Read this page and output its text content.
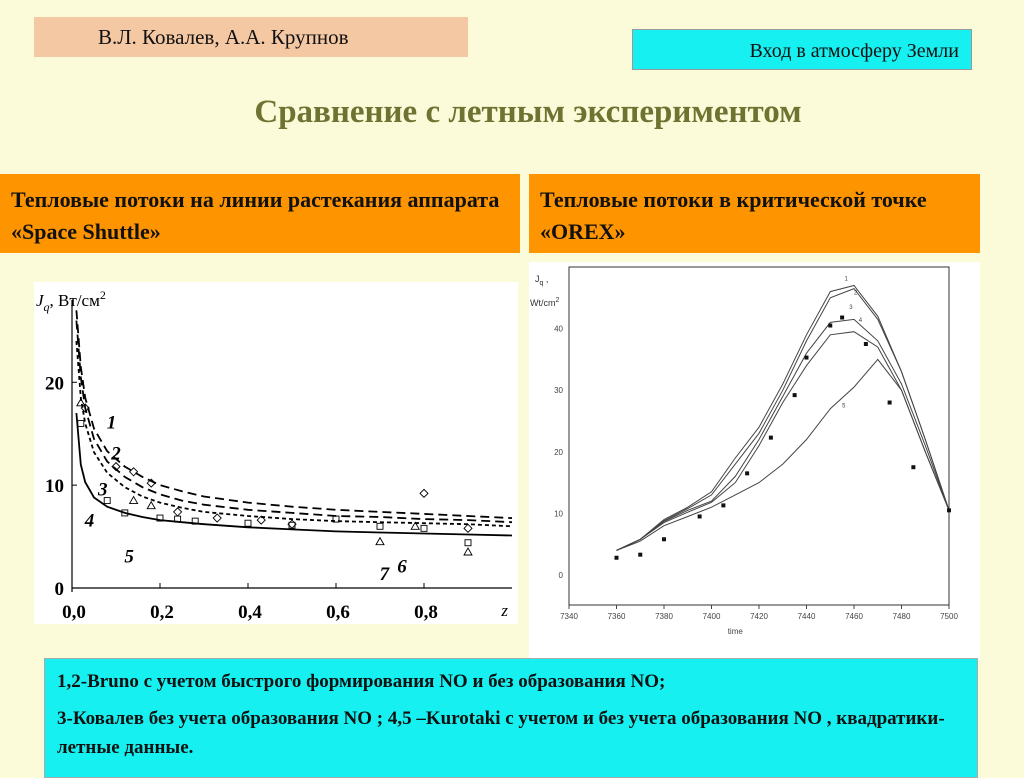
В.Л. Ковалев, А.А. Крупнов
Вход в атмосферу Земли
Сравнение с летным экспериментом
Тепловые потоки на линии растекания аппарата «Space Shuttle»
Тепловые потоки в критической точке «OREX»
$J_q$, $Вт/см^2$
0
10
20
0,0	0,2	0,4	0,6	0,8	z
1
2
3
4
5	6
7
$J_q$ ,
$Wt/cm^2$
0
10
20
30
40
7340	7360	7380	7400	7420	7440	7460	7480	7500
time
1
2
3
4
5

1,2-Bruno с учетом быстрого формирования NO и без образования NO;

3-Ковалев без учета образования NO ; 4,5 –Kurotaki с учетом и без учета образования NO , квадратики-летные данные.
